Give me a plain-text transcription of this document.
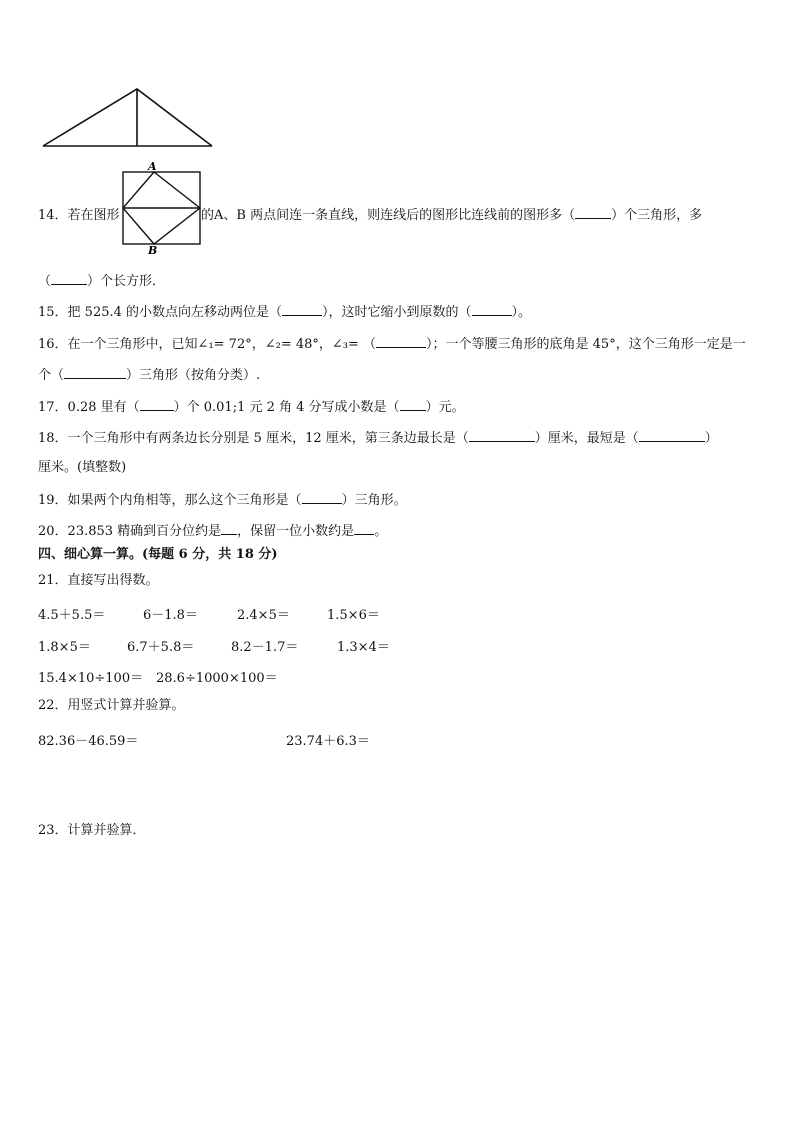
A
B
14．若在图形	的A、B 两点间连一条直线，则连线后的图形比连线前的图形多（	）个三角形，多
（	）个长方形．
15．把 525.4 的小数点向左移动两位是（	），这时它缩小到原数的（	）。
16．在一个三角形中，已知∠₁= 72°，∠₂= 48°，∠₃= （	）；一个等腰三角形的底角是 45°，这个三角形一定是一
个（	）三角形（按角分类）.
17．0.28 里有（	）个 0.01;1 元 2 角 4 分写成小数是（ ）元。
18．一个三角形中有两条边长分别是 5 厘米，12 厘米，第三条边最长是（	）厘米，最短是（	）
厘米。(填整数)
19．如果两个内角相等，那么这个三角形是（	）三角形。
20．23.853 精确到百分位约是 ，保留一位小数约是 。
四、细心算一算。(每题 6 分，共 18 分)
21．直接写出得数。
4.5＋5.5＝	6－1.8＝	2.4×5＝	1.5×6＝
1.8×5＝	6.7＋5.8＝	8.2－1.7＝	1.3×4＝
15.4×10÷100＝ 28.6÷1000×100＝
22．用竖式计算并验算。
82.36－46.59＝	23.74＋6.3＝
23．计算并验算．
